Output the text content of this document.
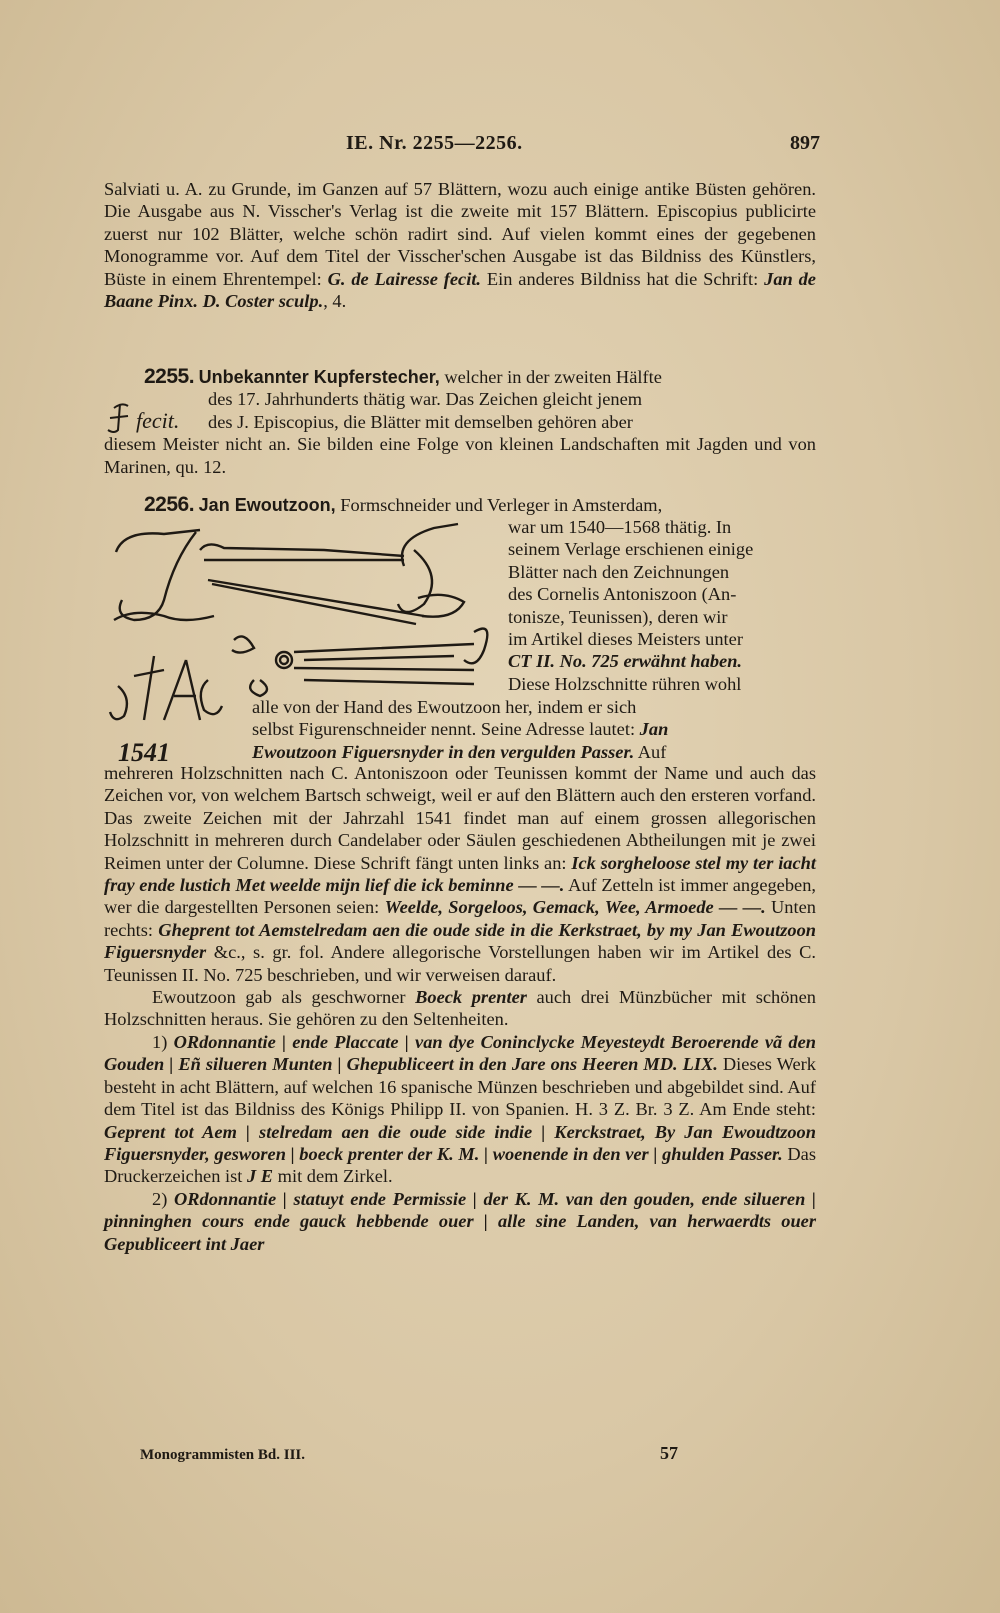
IE. Nr. 2255—2256.	897

Salviati u. A. zu Grunde, im Ganzen auf 57 Blättern, wozu auch einige antike Büsten gehören. Die Ausgabe aus N. Visscher's Verlag ist die zweite mit 157 Blättern. Episcopius publicirte zuerst nur 102 Blätter, welche schön radirt sind. Auf vielen kommt eines der gegebenen Monogramme vor. Auf dem Titel der Visscher'schen Ausgabe ist das Bildniss des Künstlers, Büste in einem Ehrentempel: G. de Lairesse fecit. Ein anderes Bildniss hat die Schrift: Jan de Baane Pinx. D. Coster sculp., 4.

2255. Unbekannter Kupferstecher, welcher in der zweiten Hälfte

des 17. Jahrhunderts thätig war. Das Zeichen gleicht jenem

des J. Episcopius, die Blätter mit demselben gehören aber

diesem Meister nicht an. Sie bilden eine Folge von kleinen Landschaften mit Jagden und von Marinen, qu. 12.

fecit.

2256. Jan Ewoutzoon, Formschneider und Verleger in Amsterdam,

war um 1540—1568 thätig. In

seinem Verlage erschienen einige

Blätter nach den Zeichnungen

des Cornelis Antoniszoon (An-

tonisze, Teunissen), deren wir

im Artikel dieses Meisters unter

CT II. No. 725 erwähnt haben.

Diese Holzschnitte rühren wohl

alle von der Hand des Ewoutzoon her, indem er sich

selbst Figurenschneider nennt. Seine Adresse lautet: Jan

Ewoutzoon Figuersnyder in den vergulden Passer. Auf

1541

mehreren Holzschnitten nach C. Antoniszoon oder Teunissen kommt der Name und auch das Zeichen vor, von welchem Bartsch schweigt, weil er auf den Blättern auch den ersteren vorfand. Das zweite Zeichen mit der Jahrzahl 1541 findet man auf einem grossen allegorischen Holzschnitt in mehreren durch Candelaber oder Säulen geschiedenen Abtheilungen mit je zwei Reimen unter der Columne. Diese Schrift fängt unten links an: Ick sorgheloose stel my ter iacht fray ende lustich Met weelde mijn lief die ick beminne — —. Auf Zetteln ist immer angegeben, wer die dargestellten Personen seien: Weelde, Sorgeloos, Gemack, Wee, Armoede — —. Unten rechts: Gheprent tot Aemstelredam aen die oude side in die Kerkstraet, by my Jan Ewoutzoon Figuersnyder &c., s. gr. fol. Andere allegorische Vorstellungen haben wir im Artikel des C. Teunissen II. No. 725 beschrieben, und wir verweisen darauf.

Ewoutzoon gab als geschworner Boeck prenter auch drei Münzbücher mit schönen Holzschnitten heraus. Sie gehören zu den Seltenheiten.

1) ORdonnantie | ende Placcate | van dye Coninclycke Meyesteydt Beroerende vã den Gouden | Eñ silueren Munten | Ghepubliceert in den Jare ons Heeren MD. LIX. Dieses Werk besteht in acht Blättern, auf welchen 16 spanische Münzen beschrieben und abgebildet sind. Auf dem Titel ist das Bildniss des Königs Philipp II. von Spanien. H. 3 Z. Br. 3 Z. Am Ende steht: Geprent tot Aem | stelredam aen die oude side indie | Kerckstraet, By Jan Ewoudtzoon Figuersnyder, gesworen | boeck prenter der K. M. | woenende in den ver | ghulden Passer. Das Druckerzeichen ist J E mit dem Zirkel.

2) ORdonnantie | statuyt ende Permissie | der K. M. van den gouden, ende silueren | pinninghen cours ende gauck hebbende ouer | alle sine Landen, van herwaerdts ouer Gepubliceert int Jaer

Monogrammisten Bd. III.	57
